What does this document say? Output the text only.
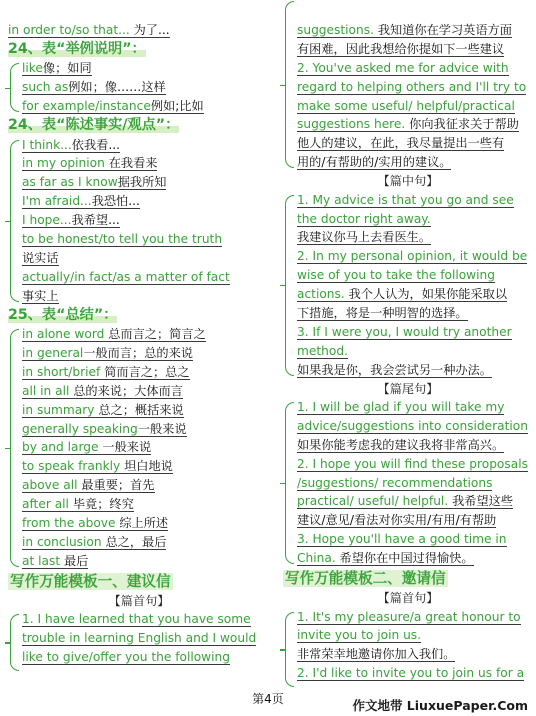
in order to/so that... 为了...
24、表“举例说明”：
like像；如同
such as例如；像……这样
for example/instance例如;比如
24、表“陈述事实/观点”：
I think...依我看...
in my opinion 在我看来
as far as I know据我所知
I'm afraid...我恐怕...
I hope...我希望...
to be honest/to tell you the truth
说实话
actually/in fact/as a matter of fact
事实上
25、表“总结”：
in alone word 总而言之；简言之
in general一般而言；总的来说
in short/brief 简而言之；总之
all in all 总的来说；大体而言
in summary 总之；概括来说
generally speaking一般来说
by and large 一般来说
to speak frankly 坦白地说
above all 最重要；首先
after all 毕竟；终究
from the above 综上所述
in conclusion 总之，最后
at last 最后
写作万能模板一、建议信
【篇首句】
1. I have learned that you have some
trouble in learning English and I would
like to give/offer you the following
suggestions. 我知道你在学习英语方面
有困难，因此我想给你提如下一些建议
2. You've asked me for advice with
regard to helping others and I'll try to
make some useful/ helpful/practical
suggestions here. 你向我征求关于帮助
他人的建议，在此，我尽量提出一些有
用的/有帮助的/实用的建议。
【篇中句】
1. My advice is that you go and see
the doctor right away.
我建议你马上去看医生。
2. In my personal opinion, it would be
wise of you to take the following
actions. 我个人认为，如果你能采取以
下措施，将是一种明智的选择。
3. If I were you, I would try another
method.
如果我是你，我会尝试另一种办法。
【篇尾句】
1. I will be glad if you will take my
advice/suggestions into consideration
如果你能考虑我的建议我将非常高兴。
2. I hope you will find these proposals
/suggestions/ recommendations
practical/ useful/ helpful. 我希望这些
建议/意见/看法对你实用/有用/有帮助
3. Hope you'll have a good time in
China. 希望你在中国过得愉快。
写作万能模板二、邀请信
【篇首句】
1. It's my pleasure/a great honour to
invite you to join us.
非常荣幸地邀请你加入我们。
2. I'd like to invite you to join us for a
第4页	作文地带 LiuxuePaper.Com
